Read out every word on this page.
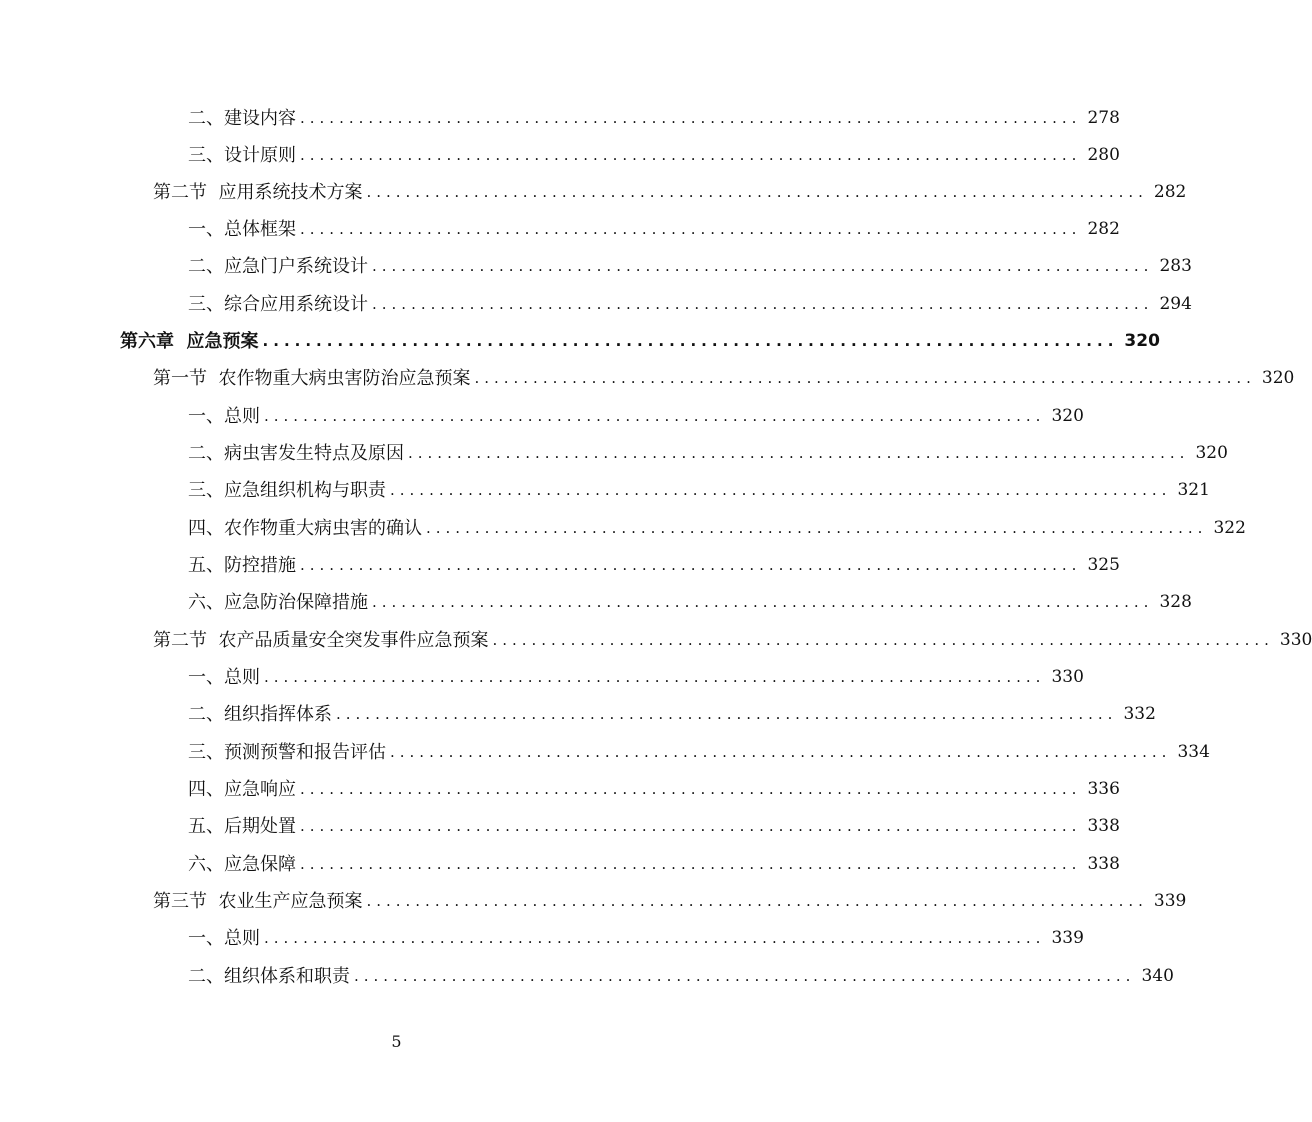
二、建设内容 ................................................................................ 278
三、设计原则 ................................................................................ 280
第二节  应用系统技术方案 ................................................................................ 282
一、总体框架 ................................................................................ 282
二、应急门户系统设计 ................................................................................ 283
三、综合应用系统设计 ................................................................................ 294
第六章  应急预案 ................................................................................ 320
第一节  农作物重大病虫害防治应急预案 ................................................................................ 320
一、总则 ................................................................................ 320
二、病虫害发生特点及原因 ................................................................................ 320
三、应急组织机构与职责 ................................................................................ 321
四、农作物重大病虫害的确认 ................................................................................ 322
五、防控措施 ................................................................................ 325
六、应急防治保障措施 ................................................................................ 328
第二节  农产品质量安全突发事件应急预案 ................................................................................ 330
一、总则 ................................................................................ 330
二、组织指挥体系 ................................................................................ 332
三、预测预警和报告评估 ................................................................................ 334
四、应急响应 ................................................................................ 336
五、后期处置 ................................................................................ 338
六、应急保障 ................................................................................ 338
第三节  农业生产应急预案 ................................................................................ 339
一、总则 ................................................................................ 339
二、组织体系和职责 ................................................................................ 340
5
